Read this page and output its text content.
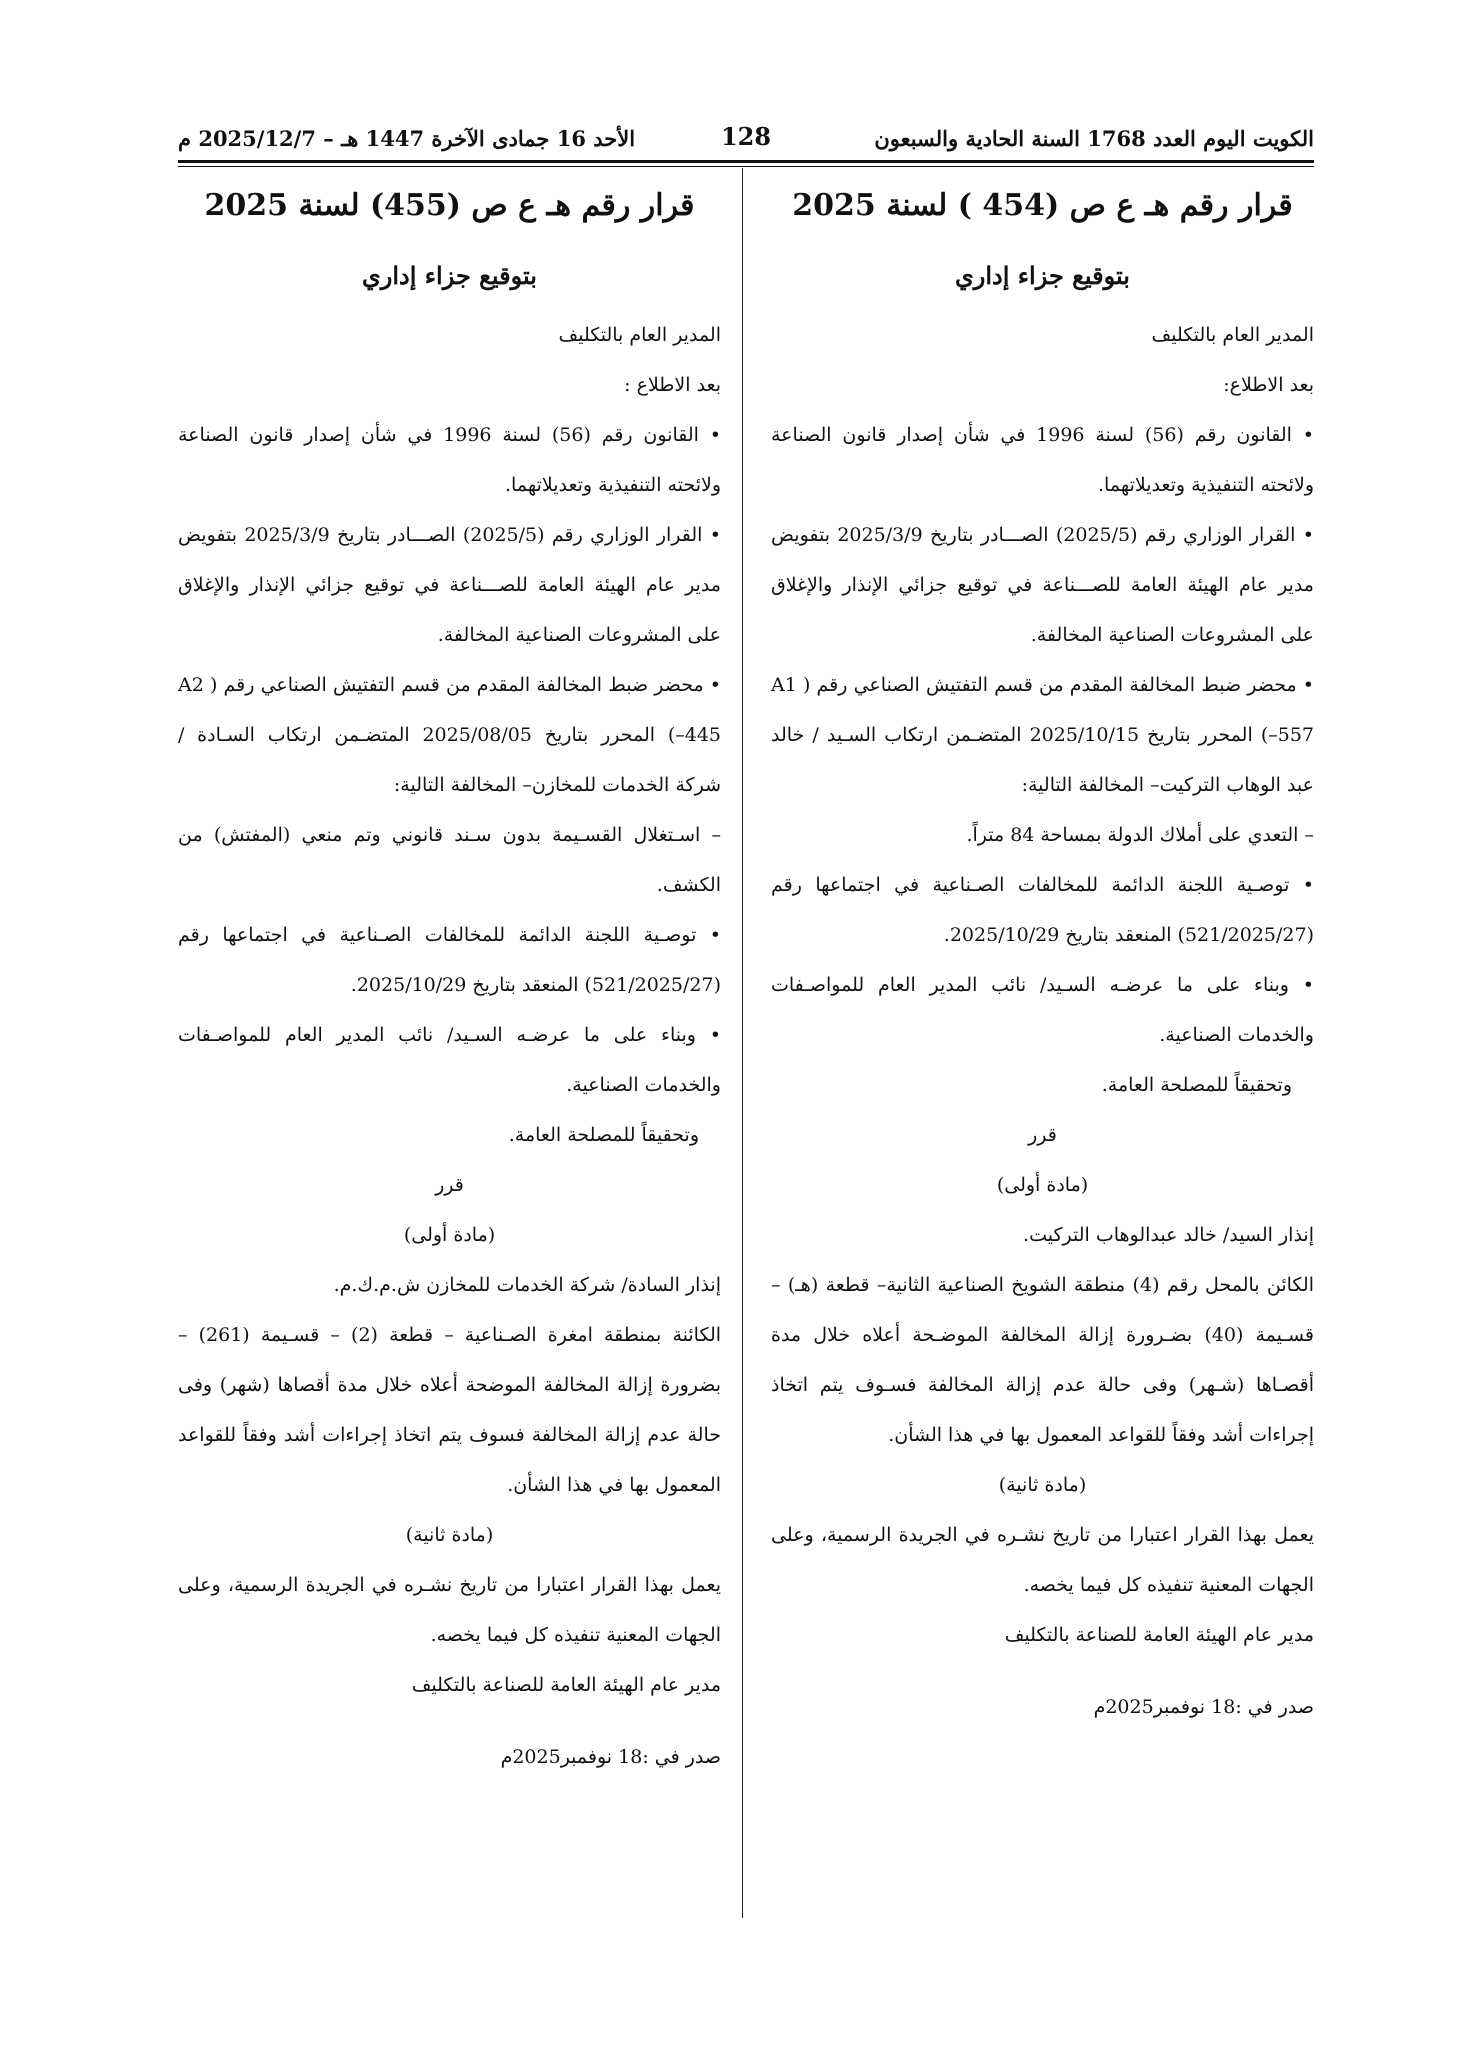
الكويت اليوم العدد 1768 السنة الحادية والسبعون
128
الأحد 16 جمادى الآخرة 1447 هـ – 2025/12/7 م

قرار رقم هـ ع ص (454 ) لسنة 2025

بتوقيع جزاء إداري

المدير العام بالتكليف

بعد الاطلاع:

• القانون رقم (56) لسنة 1996 في شأن إصدار قانون الصناعة ولائحته التنفيذية وتعديلاتهما.

• القرار الوزاري رقم (2025/5) الصـــادر بتاريخ 2025/3/9 بتفويض مدير عام الهيئة العامة للصـــناعة في توقيع جزائي الإنذار والإغلاق على المشروعات الصناعية المخالفة.

• محضر ضبط المخالفة المقدم من قسم التفتيش الصناعي رقم ( A1 –557) المحرر بتاريخ 2025/10/15 المتضـمن ارتكاب السـيد / خالد عبد الوهاب التركيت– المخالفة التالية:

– التعدي على أملاك الدولة بمساحة 84 متراً.

• توصـية اللجنة الدائمة للمخالفات الصـناعية في اجتماعها رقم (521/2025/27) المنعقد بتاريخ 2025/10/29.

• وبناء على ما عرضـه السـيد/ نائب المدير العام للمواصـفات والخدمات الصناعية.

وتحقيقاً للمصلحة العامة.

قرر

(مادة أولى)

إنذار السيد/ خالد عبدالوهاب التركيت.

الكائن بالمحل رقم (4) منطقة الشويخ الصناعية الثانية– قطعة (هـ) – قسـيمة (40) بضـرورة إزالة المخالفة الموضـحة أعلاه خلال مدة أقصـاها (شـهر) وفى حالة عدم إزالة المخالفة فسـوف يتم اتخاذ إجراءات أشد وفقاً للقواعد المعمول بها في هذا الشأن.

(مادة ثانية)

يعمل بهذا القرار اعتبارا من تاريخ نشـره في الجريدة الرسمية، وعلى الجهات المعنية تنفيذه كل فيما يخصه.

مدير عام الهيئة العامة للصناعة بالتكليف

صدر في :18 نوفمبر2025م

قرار رقم هـ ع ص (455) لسنة 2025

بتوقيع جزاء إداري

المدير العام بالتكليف

بعد الاطلاع :

• القانون رقم (56) لسنة 1996 في شأن إصدار قانون الصناعة ولائحته التنفيذية وتعديلاتهما.

• القرار الوزاري رقم (2025/5) الصـــادر بتاريخ 2025/3/9 بتفويض مدير عام الهيئة العامة للصـــناعة في توقيع جزائي الإنذار والإغلاق على المشروعات الصناعية المخالفة.

• محضر ضبط المخالفة المقدم من قسم التفتيش الصناعي رقم ( A2 –445) المحرر بتاريخ 2025/08/05 المتضـمن ارتكاب السـادة / شركة الخدمات للمخازن– المخالفة التالية:

– اسـتغلال القسـيمة بدون سـند قانوني وتم منعي (المفتش) من الكشف.

• توصـية اللجنة الدائمة للمخالفات الصـناعية في اجتماعها رقم (521/2025/27) المنعقد بتاريخ 2025/10/29.

• وبناء على ما عرضـه السـيد/ نائب المدير العام للمواصـفات والخدمات الصناعية.

وتحقيقاً للمصلحة العامة.

قرر

(مادة أولى)

إنذار السادة/ شركة الخدمات للمخازن ش.م.ك.م.

الكائنة بمنطقة امغرة الصـناعية – قطعة (2) – قسـيمة (261) – بضرورة إزالة المخالفة الموضحة أعلاه خلال مدة أقصاها (شهر) وفى حالة عدم إزالة المخالفة فسوف يتم اتخاذ إجراءات أشد وفقاً للقواعد المعمول بها في هذا الشأن.

(مادة ثانية)

يعمل بهذا القرار اعتبارا من تاريخ نشـره في الجريدة الرسمية، وعلى الجهات المعنية تنفيذه كل فيما يخصه.

مدير عام الهيئة العامة للصناعة بالتكليف

صدر في :18 نوفمبر2025م
